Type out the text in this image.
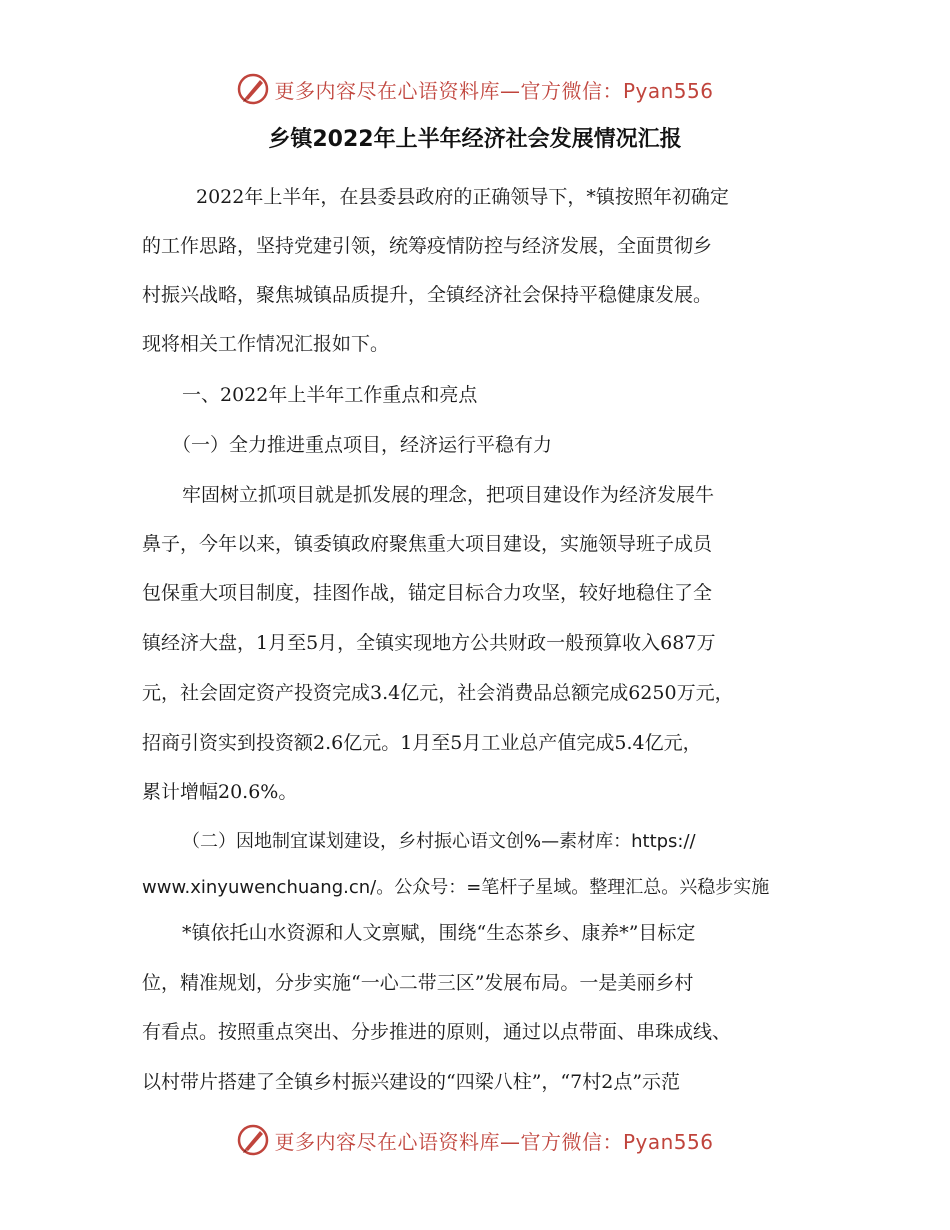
更多内容尽在心语资料库—官方微信：Pyan556
乡镇2022年上半年经济社会发展情况汇报
2022年上半年，在县委县政府的正确领导下，*镇按照年初确定
的工作思路，坚持党建引领，统筹疫情防控与经济发展，全面贯彻乡
村振兴战略，聚焦城镇品质提升，全镇经济社会保持平稳健康发展。
现将相关工作情况汇报如下。
一、2022年上半年工作重点和亮点
（一）全力推进重点项目，经济运行平稳有力
牢固树立抓项目就是抓发展的理念，把项目建设作为经济发展牛
鼻子，今年以来，镇委镇政府聚焦重大项目建设，实施领导班子成员
包保重大项目制度，挂图作战，锚定目标合力攻坚，较好地稳住了全
镇经济大盘，1月至5月，全镇实现地方公共财政一般预算收入687万
元，社会固定资产投资完成3.4亿元，社会消费品总额完成6250万元，
招商引资实到投资额2.6亿元。1月至5月工业总产值完成5.4亿元，
累计增幅20.6%。
（二）因地制宜谋划建设，乡村振心语文创%—素材库：https://
www.xinyuwenchuang.cn/。公众号：=笔杆子星域。整理汇总。兴稳步实施
*镇依托山水资源和人文禀赋，围绕“生态茶乡、康养*”目标定
位，精准规划，分步实施“一心二带三区”发展布局。一是美丽乡村
有看点。按照重点突出、分步推进的原则，通过以点带面、串珠成线、
以村带片搭建了全镇乡村振兴建设的“四梁八柱”，“7村2点”示范
更多内容尽在心语资料库—官方微信：Pyan556
